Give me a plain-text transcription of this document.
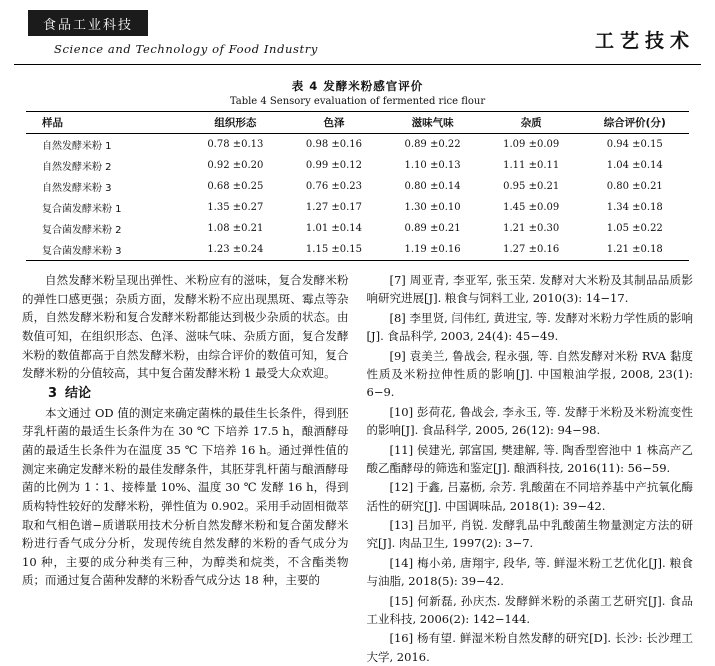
食品工业科技
Science and Technology of Food Industry	工艺技术
表 4 发酵米粉感官评价
Table 4 Sensory evaluation of fermented rice flour
样品	组织形态	色泽	滋味气味	杂质	综合评价(分)
自然发酵米粉 1	0.78 ±0.13	0.98 ±0.16	0.89 ±0.22	1.09 ±0.09	0.94 ±0.15
自然发酵米粉 2	0.92 ±0.20	0.99 ±0.12	1.10 ±0.13	1.11 ±0.11	1.04 ±0.14
自然发酵米粉 3	0.68 ±0.25	0.76 ±0.23	0.80 ±0.14	0.95 ±0.21	0.80 ±0.21
复合菌发酵米粉 1	1.35 ±0.27	1.27 ±0.17	1.30 ±0.10	1.45 ±0.09	1.34 ±0.18
复合菌发酵米粉 2	1.08 ±0.21	1.01 ±0.14	0.89 ±0.21	1.21 ±0.30	1.05 ±0.22
复合菌发酵米粉 3	1.23 ±0.24	1.15 ±0.15	1.19 ±0.16	1.27 ±0.16	1.21 ±0.18

自然发酵米粉呈现出弹性、米粉应有的滋味，复合发酵米粉的弹性口感更强；杂质方面，发酵米粉不应出现黑斑、霉点等杂质，自然发酵米粉和复合发酵米粉都能达到极少杂质的状态。由数值可知，在组织形态、色泽、滋味气味、杂质方面，复合发酵米粉的数值都高于自然发酵米粉，由综合评价的数值可知，复合发酵米粉的分值较高，其中复合菌发酵米粉 1 最受大众欢迎。

3 结论

本文通过 OD 值的测定来确定菌株的最佳生长条件，得到胚芽乳杆菌的最适生长条件为在 30 ℃ 下培养 17.5 h，酿酒酵母菌的最适生长条件为在温度 35 ℃ 下培养 16 h。通过弹性值的测定来确定发酵米粉的最佳发酵条件，其胚芽乳杆菌与酿酒酵母菌的比例为 1∶1、接棒量 10%、温度 30 ℃ 发酵 16 h，得到质构特性较好的发酵米粉，弹性值为 0.902。采用手动固相微萃取和气相色谱−质谱联用技术分析自然发酵米粉和复合菌发酵米粉进行香气成分分析，发现传统自然发酵的米粉的香气成分为 10 种，主要的成分种类有三种，为醇类和烷类，不含酯类物质；而通过复合菌种发酵的米粉香气成分达 18 种，主要的

[7] 周亚青, 李亚军, 张玉荣. 发酵对大米粉及其制品品质影响研究进展[J]. 粮食与饲料工业, 2010(3): 14−17.

[8] 李里贤, 闫伟红, 黄进宝, 等. 发酵对米粉力学性质的影响[J]. 食品科学, 2003, 24(4): 45−49.

[9] 袁美兰, 鲁战会, 程永强, 等. 自然发酵对米粉 RVA 黏度性质及米粉拉伸性质的影响[J]. 中国粮油学报, 2008, 23(1): 6−9.

[10] 彭荷花, 鲁战会, 李永玉, 等. 发酵于米粉及米粉流变性的影响[J]. 食品科学, 2005, 26(12): 94−98.

[11] 侯建光, 郭富国, 樊建解, 等. 陶香型窖池中 1 株高产乙酸乙酯酵母的筛选和鉴定[J]. 酿酒科技, 2016(11): 56−59.

[12] 于鑫, 吕嘉枥, 佘芳. 乳酸菌在不同培养基中产抗氧化酶活性的研究[J]. 中国调味品, 2018(1): 39−42.

[13] 吕加平, 肖锐. 发酵乳品中乳酸菌生物量测定方法的研究[J]. 肉品卫生, 1997(2): 3−7.

[14] 梅小弟, 唐翔宇, 段华, 等. 鲜湿米粉工艺优化[J]. 粮食与油脂, 2018(5): 39−42.

[15] 何新磊, 孙庆杰. 发酵鲜米粉的杀菌工艺研究[J]. 食品工业科技, 2006(2): 142−144.

[16] 杨有望. 鲜湿米粉自然发酵的研究[D]. 长沙: 长沙理工大学, 2016.
